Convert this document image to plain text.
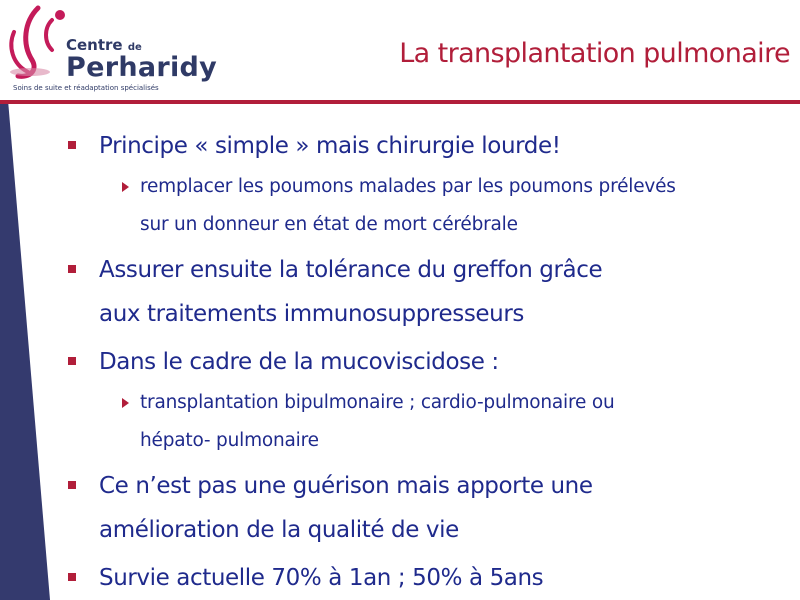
Centre de
Perharidy
Soins de suite et réadaptation spécialisés
La transplantation pulmonaire
Principe « simple » mais chirurgie lourde!
remplacer les poumons malades par les poumons prélevés
sur un donneur en état de mort cérébrale
Assurer ensuite la tolérance du greffon grâce
aux traitements immunosuppresseurs
Dans le cadre de la mucoviscidose :
transplantation bipulmonaire ; cardio-pulmonaire ou
hépato- pulmonaire
Ce n’est pas une guérison mais apporte une
amélioration de la qualité de vie
Survie actuelle 70% à 1an ; 50% à 5ans
